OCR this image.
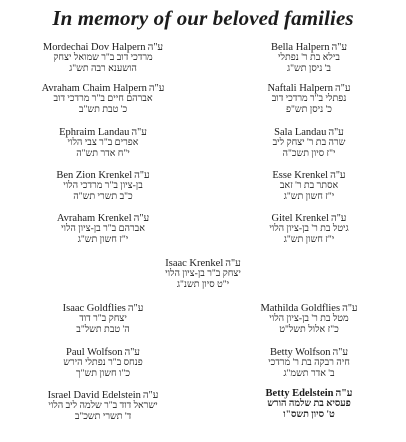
In memory of our beloved families
Mordechai Dov Halpern ע"ה
מרדכי דוב ב"ר שמואל יצחק
הושענא רבה תש"ג
Avraham Chaim Halpern ע"ה
אברהם חיים ב"ר מרדכי דוב
כ' טבת תש"ב
Ephraim Landau ע"ה
אפרים ב"ר צבי הלוי
י"ח אדר תש"ה
Ben Zion Krenkel ע"ה
בן-ציון ב"ר מרדכי הלוי
כ"ב תשרי תש"ה
Avraham Krenkel ע"ה
אברהם ב"ר בן-ציון הלוי
י"ז חשון תש"ג
Isaac Goldflies ע"ה
יצחק ב"ר דוד
ה' טבת תשל"ב
Paul Wolfson ע"ה
פנחס ב"ר נפתלי הירש
כ"ו חשון תש"ך
Israel David Edelstein ע"ה
ישראל דוד ב"ר שלמה ליב הלוי
ד' תשרי תשכ"ב
Bella Halpern ע"ה
בילא בת ר' נפתלי
ב' ניסן תש"ג
Naftali Halpern ע"ה
נפתלי ב"ר מרדכי דוב
כ' ניסן תש"פ
Sala Landau ע"ה
שרה בת ר' יצחק ליב
י"ז סיון תשכ"ה
Esse Krenkel ע"ה
אסתר בת ר' זאב
י"ז חשון תש"ג
Gitel Krenkel ע"ה
גיטל בת ר' בן-ציון הלוי
י"ז חשון תש"ג
Mathilda Goldflies ע"ה
מטל בת ר' בן-ציון הלוי
כ"ז אלול תשל"ט
Betty Wolfson ע"ה
חיה רבקה בת ר' מרדכי
ב' אדר תשמ"ג
Betty Edelstein ע"ה
פעסיא בת שלמה הורש
ט' סיון תשס"ו
Isaac Krenkel ע"ה
יצחק ב"ר בן-ציון הלוי
י"ט סיון תשנ"ג
